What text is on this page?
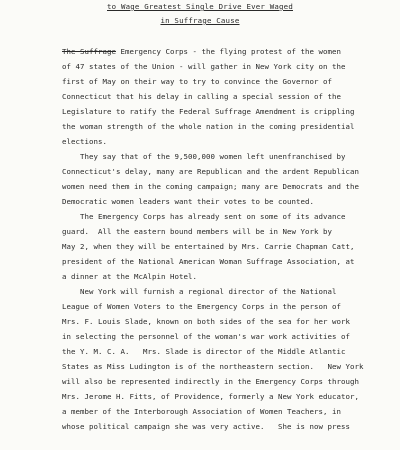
to Wage Greatest Single Drive Ever Waged
in Suffrage Cause
The Suffrage Emergency Corps - the flying protest of the women
of 47 states of the Union - will gather in New York city on the
first of May on their way to try to convince the Governor of
Connecticut that his delay in calling a special session of the
Legislature to ratify the Federal Suffrage Amendment is crippling
the woman strength of the whole nation in the coming presidential
elections.
They say that of the 9,500,000 women left unenfranchised by
Connecticut's delay, many are Republican and the ardent Republican
women need them in the coming campaign; many are Democrats and the
Democratic women leaders want their votes to be counted.
The Emergency Corps has already sent on some of its advance
guard.  All the eastern bound members will be in New York by
May 2, when they will be entertained by Mrs. Carrie Chapman Catt,
president of the National American Woman Suffrage Association, at
a dinner at the McAlpin Hotel.
New York will furnish a regional director of the National
League of Women Voters to the Emergency Corps in the person of
Mrs. F. Louis Slade, known on both sides of the sea for her work
in selecting the personnel of the woman's war work activities of
the Y. M. C. A.   Mrs. Slade is director of the Middle Atlantic
States as Miss Ludington is of the northeastern section.   New York
will also be represented indirectly in the Emergency Corps through
Mrs. Jerome H. Fitts, of Providence, formerly a New York educator,
a member of the Interborough Association of Women Teachers, in
whose political campaign she was very active.   She is now press
